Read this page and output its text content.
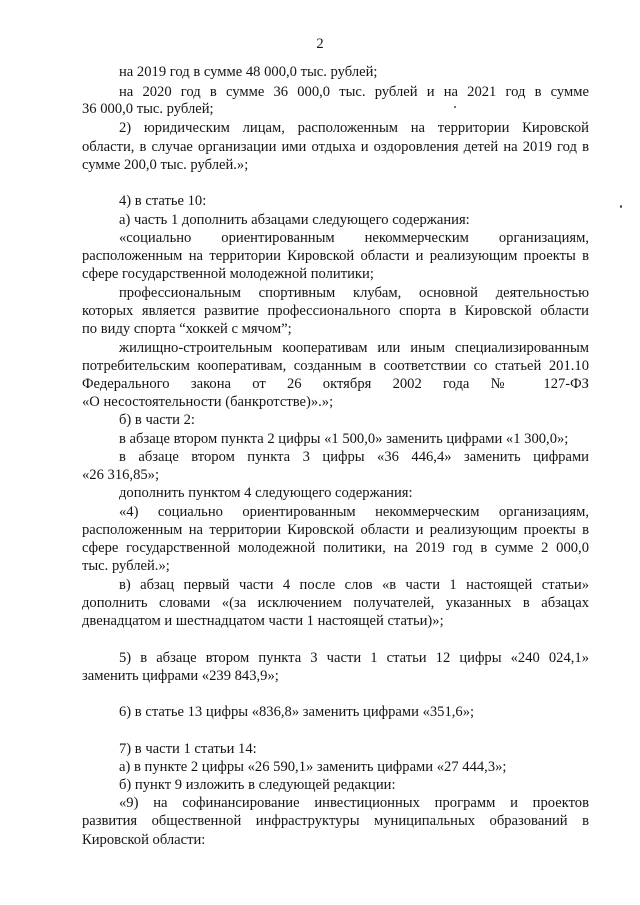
2
на 2019 год в сумме 48 000,0 тыс. рублей;
на 2020 год в сумме 36 000,0 тыс. рублей и на 2021 год в сумме
36 000,0 тыс. рублей;
2) юридическим лицам, расположенным на территории Кировской
области, в случае организации ими отдыха и оздоровления детей на 2019 год в
сумме 200,0 тыс. рублей.»;
4) в статье 10:
а) часть 1 дополнить абзацами следующего содержания:
«социально ориентированным некоммерческим организациям,
расположенным на территории Кировской области и реализующим проекты в
сфере государственной молодежной политики;
профессиональным спортивным клубам, основной деятельностью
которых является развитие профессионального спорта в Кировской области
по виду спорта “хоккей с мячом”;
жилищно-строительным кооперативам или иным специализированным
потребительским кооперативам, созданным в соответствии со статьей 201.10
Федерального закона от 26 октября 2002 года № 127-ФЗ
«О несостоятельности (банкротстве)».»;
б) в части 2:
в абзаце втором пункта 2 цифры «1 500,0» заменить цифрами «1 300,0»;
в абзаце втором пункта 3 цифры «36 446,4» заменить цифрами
«26 316,85»;
дополнить пунктом 4 следующего содержания:
«4) социально ориентированным некоммерческим организациям,
расположенным на территории Кировской области и реализующим проекты в
сфере государственной молодежной политики, на 2019 год в сумме 2 000,0
тыс. рублей.»;
в) абзац первый части 4 после слов «в части 1 настоящей статьи»
дополнить словами «(за исключением получателей, указанных в абзацах
двенадцатом и шестнадцатом части 1 настоящей статьи)»;
5) в абзаце втором пункта 3 части 1 статьи 12 цифры «240 024,1»
заменить цифрами «239 843,9»;
6) в статье 13 цифры «836,8» заменить цифрами «351,6»;
7) в части 1 статьи 14:
а) в пункте 2 цифры «26 590,1» заменить цифрами «27 444,3»;
б) пункт 9 изложить в следующей редакции:
«9) на софинансирование инвестиционных программ и проектов
развития общественной инфраструктуры муниципальных образований в
Кировской области:
